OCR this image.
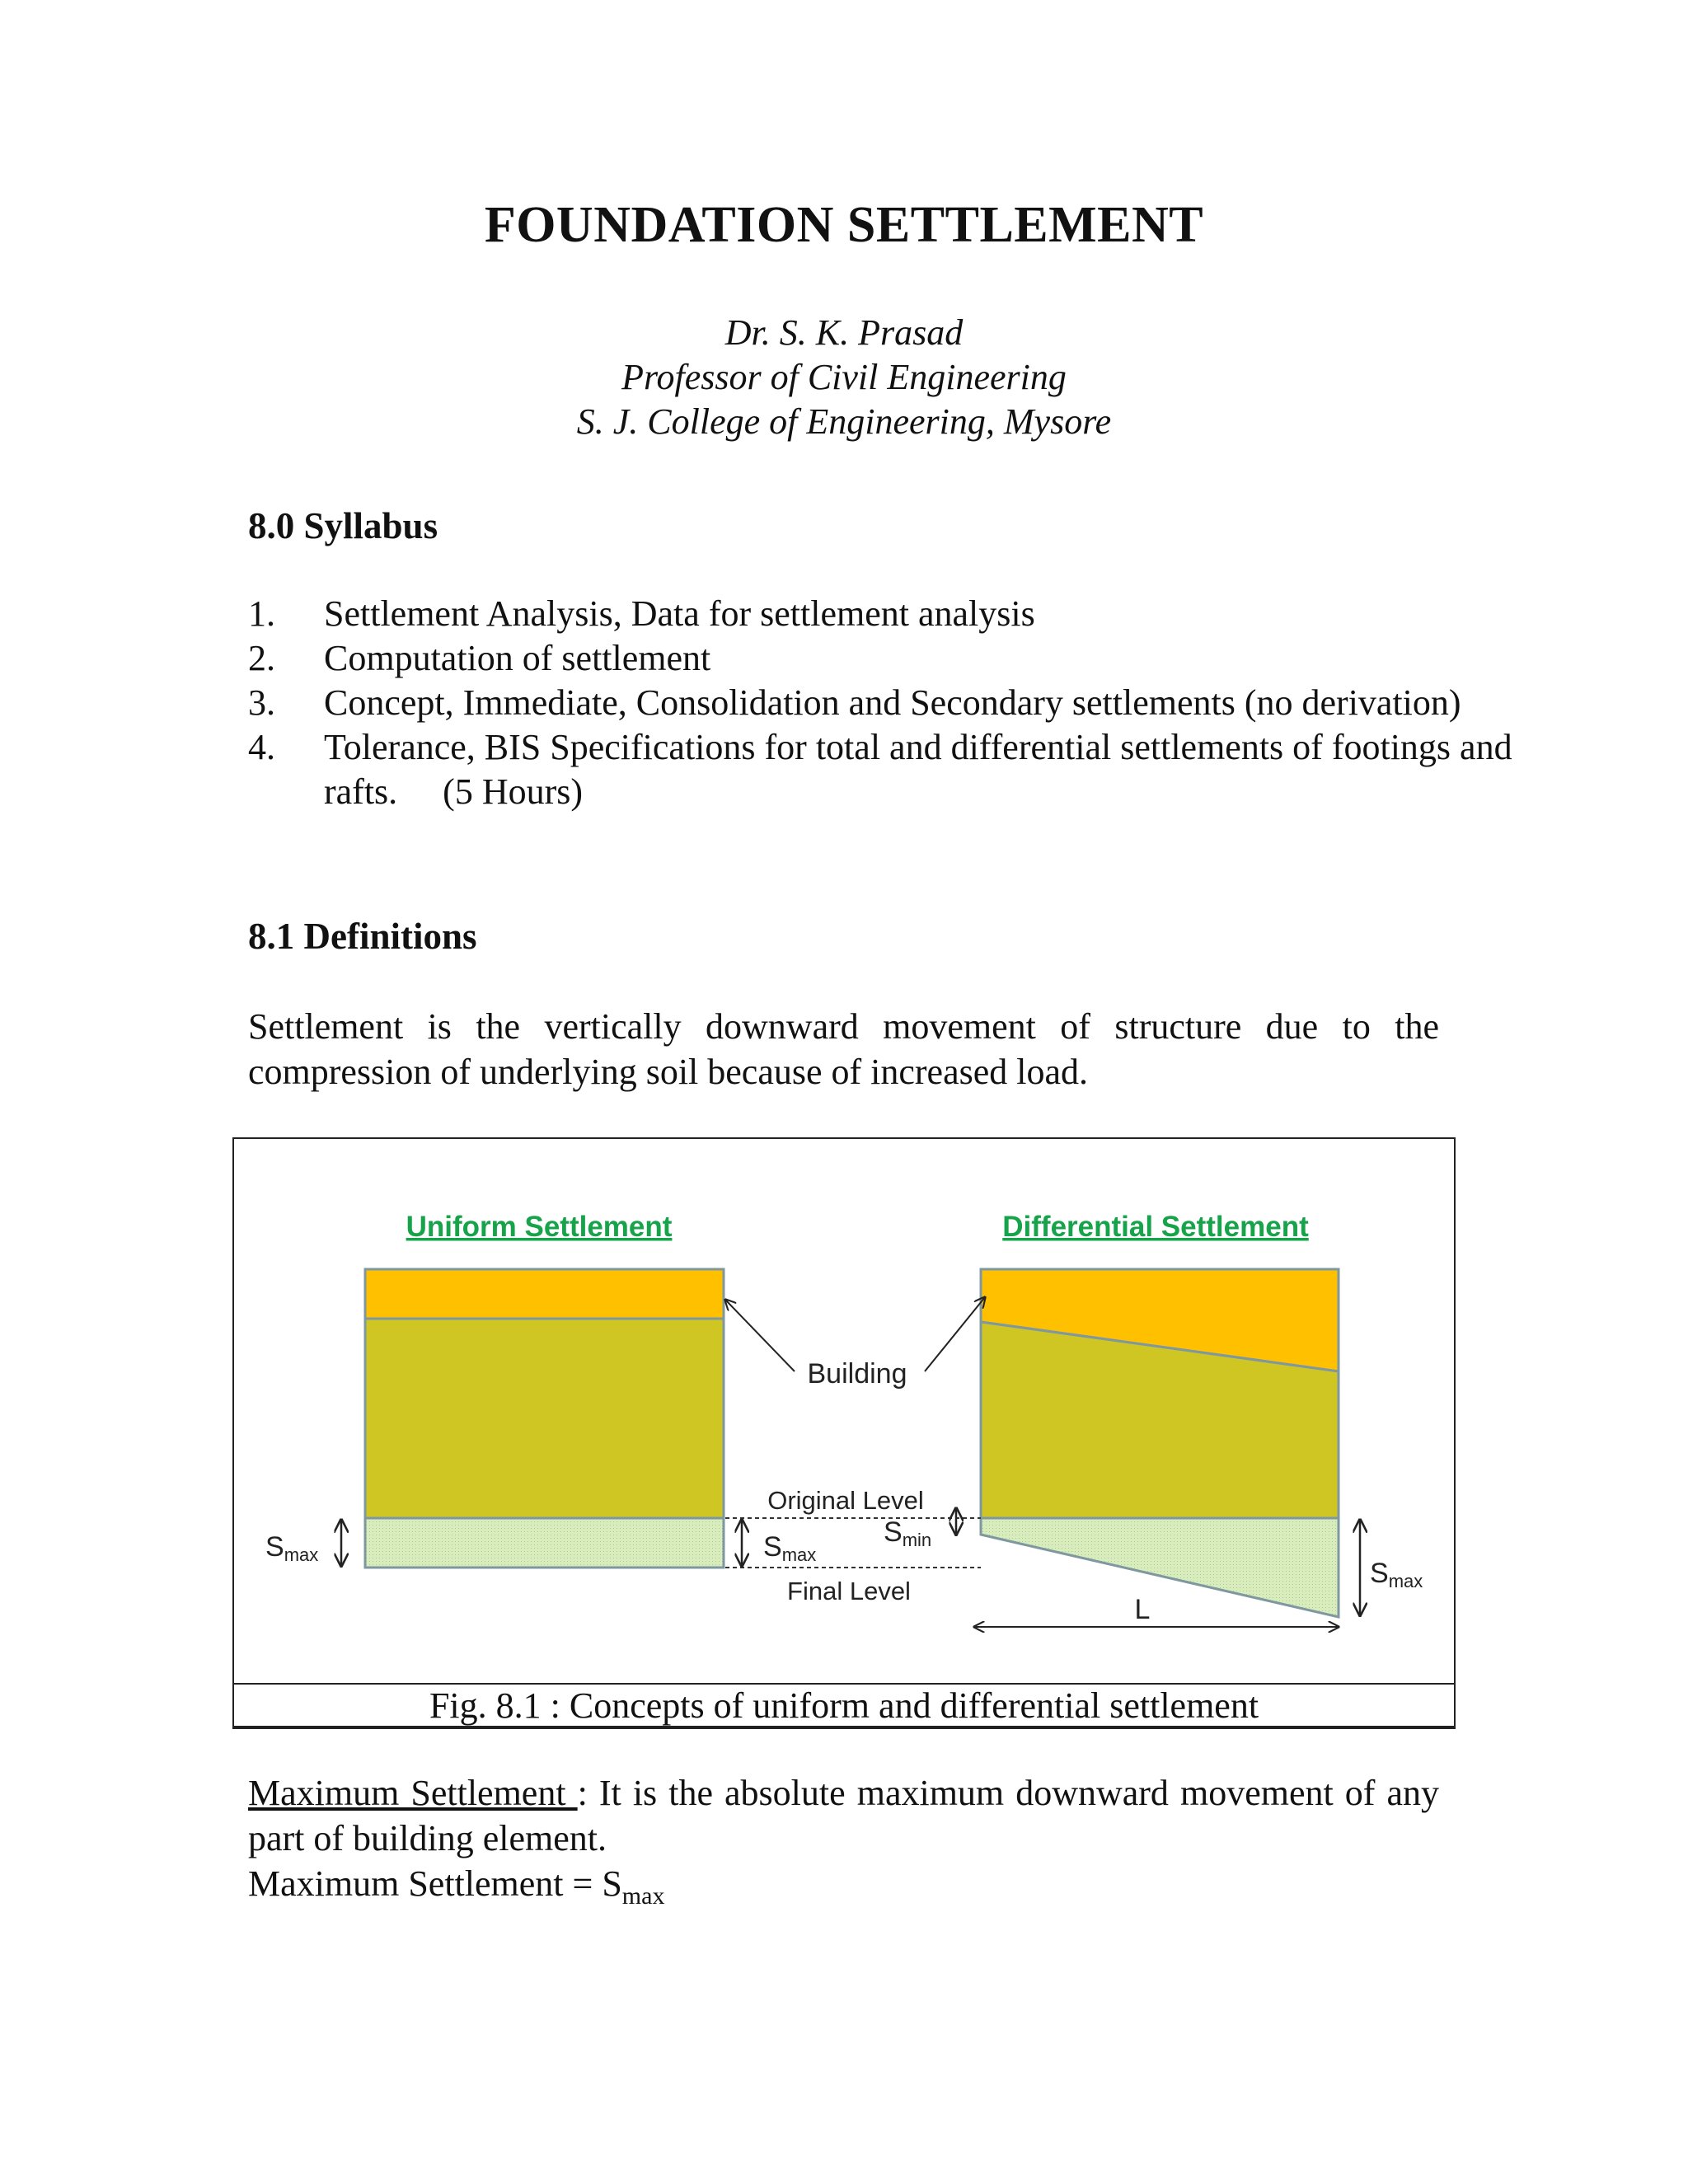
FOUNDATION SETTLEMENT
Dr. S. K. Prasad
Professor of Civil Engineering
S. J. College of Engineering, Mysore
8.0 Syllabus
1. Settlement Analysis, Data for settlement analysis
2. Computation of settlement
3. Concept, Immediate, Consolidation and Secondary settlements (no derivation)
4. Tolerance, BIS Specifications for total and differential settlements of footings and rafts.     (5 Hours)
8.1 Definitions
Settlement is the vertically downward movement of structure due to the compression of underlying soil because of increased load.
Uniform Settlement	Differential Settlement
Building
Original Level
Final Level
Smax	Smax
Smin
Smax
L
Fig. 8.1 : Concepts of uniform and differential settlement
Maximum Settlement : It is the absolute maximum downward movement of any part of building element.
Maximum Settlement = $S_{max}$
